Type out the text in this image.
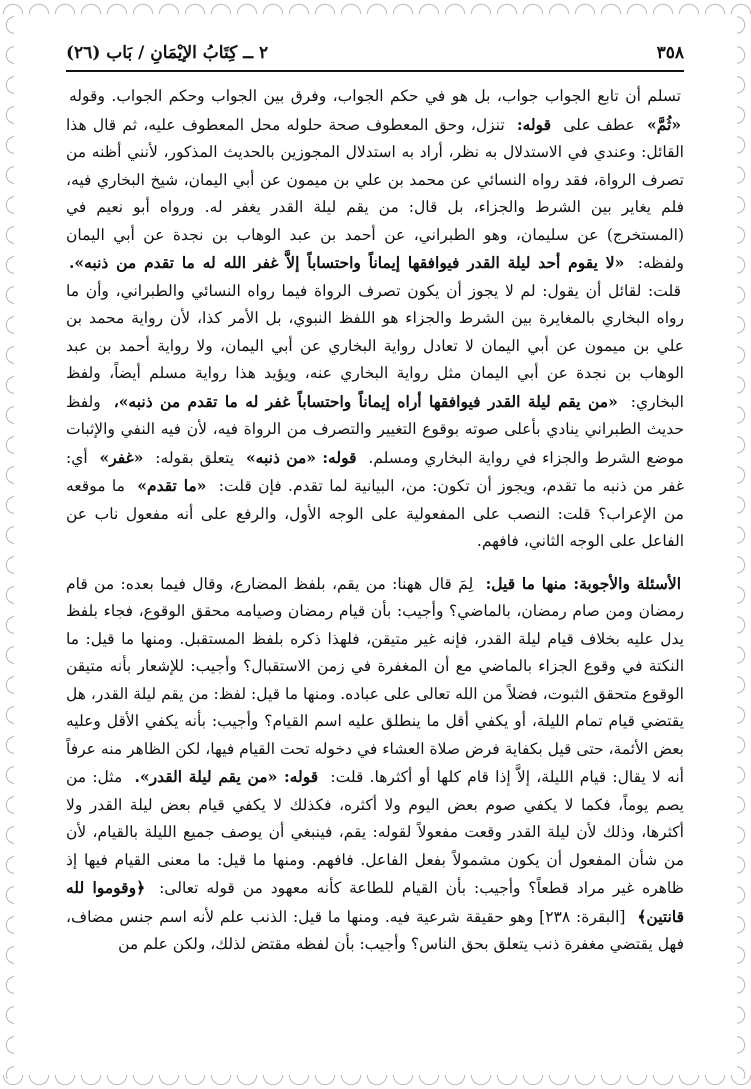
٣٥٨
٢ ــ كِتَابُ الإيْمَانِ / بَاب (٢٦)

تسلم أن تابع الجواب جواب، بل هو في حكم الجواب، وفرق بين الجواب وحكم الجواب. وقوله «ثُمَّ» عطف على قوله: تنزل، وحق المعطوف صحة حلوله محل المعطوف عليه، ثم قال هذا القائل: وعندي في الاستدلال به نظر، أراد به استدلال المجوزين بالحديث المذكور، لأنني أظنه من تصرف الرواة، فقد رواه النسائي عن محمد بن علي بن ميمون عن أبي اليمان، شيخ البخاري فيه، فلم يغاير بين الشرط والجزاء، بل قال: من يقم ليلة القدر يغفر له. ورواه أبو نعيم في (المستخرج) عن سليمان، وهو الطبراني، عن أحمد بن عبد الوهاب بن نجدة عن أبي اليمان ولفظه: «لا يقوم أحد ليلة القدر فيوافقها إيماناً واحتساباً إلاَّ غفر الله له ما تقدم من ذنبه». قلت: لقائل أن يقول: لم لا يجوز أن يكون تصرف الرواة فيما رواه النسائي والطبراني، وأن ما رواه البخاري بالمغايرة بين الشرط والجزاء هو اللفظ النبوي، بل الأمر كذا، لأن رواية محمد بن علي بن ميمون عن أبي اليمان لا تعادل رواية البخاري عن أبي اليمان، ولا رواية أحمد بن عبد الوهاب بن نجدة عن أبي اليمان مثل رواية البخاري عنه، ويؤيد هذا رواية مسلم أيضاً، ولفظ البخاري: «من يقم ليلة القدر فيوافقها أراه إيماناً واحتساباً غفر له ما تقدم من ذنبه»، ولفظ حديث الطبراني ينادي بأعلى صوته بوقوع التغيير والتصرف من الرواة فيه، لأن فيه النفي والإثبات موضع الشرط والجزاء في رواية البخاري ومسلم. قوله: «من ذنبه» يتعلق بقوله: «غفر» أي: غفر من ذنبه ما تقدم، ويجوز أن تكون: من، البيانية لما تقدم. فإن قلت: «ما تقدم» ما موقعه من الإعراب؟ قلت: النصب على المفعولية على الوجه الأول، والرفع على أنه مفعول ناب عن الفاعل على الوجه الثاني، فافهم.

الأسئلة والأجوبة: منها ما قيل: لِمَ قال ههنا: من يقم، بلفظ المضارع، وقال فيما بعده: من قام رمضان ومن صام رمضان، بالماضي؟ وأجيب: بأن قيام رمضان وصيامه محقق الوقوع، فجاء بلفظ يدل عليه بخلاف قيام ليلة القدر، فإنه غير متيقن، فلهذا ذكره بلفظ المستقبل. ومنها ما قيل: ما النكتة في وقوع الجزاء بالماضي مع أن المغفرة في زمن الاستقبال؟ وأجيب: للإشعار بأنه متيقن الوقوع متحقق الثبوت، فضلاً من الله تعالى على عباده. ومنها ما قيل: لفظ: من يقم ليلة القدر، هل يقتضي قيام تمام الليلة، أو يكفي أقل ما ينطلق عليه اسم القيام؟ وأجيب: بأنه يكفي الأقل وعليه بعض الأئمة، حتى قيل بكفاية فرض صلاة العشاء في دخوله تحت القيام فيها، لكن الظاهر منه عرفاً أنه لا يقال: قيام الليلة، إلاَّ إذا قام كلها أو أكثرها. قلت: قوله: «من يقم ليلة القدر». مثل: من يصم يوماً، فكما لا يكفي صوم بعض اليوم ولا أكثره، فكذلك لا يكفي قيام بعض ليلة القدر ولا أكثرها، وذلك لأن ليلة القدر وقعت مفعولاً لقوله: يقم، فينبغي أن يوصف جميع الليلة بالقيام، لأن من شأن المفعول أن يكون مشمولاً بفعل الفاعل. فافهم. ومنها ما قيل: ما معنى القيام فيها إذ ظاهره غير مراد قطعاً؟ وأجيب: بأن القيام للطاعة كأنه معهود من قوله تعالى: ﴿وقوموا لله قانتين﴾ [البقرة: ٢٣٨] وهو حقيقة شرعية فيه. ومنها ما قيل: الذنب علم لأنه اسم جنس مضاف، فهل يقتضي مغفرة ذنب يتعلق بحق الناس؟ وأجيب: بأن لفظه مقتض لذلك، ولكن علم من
